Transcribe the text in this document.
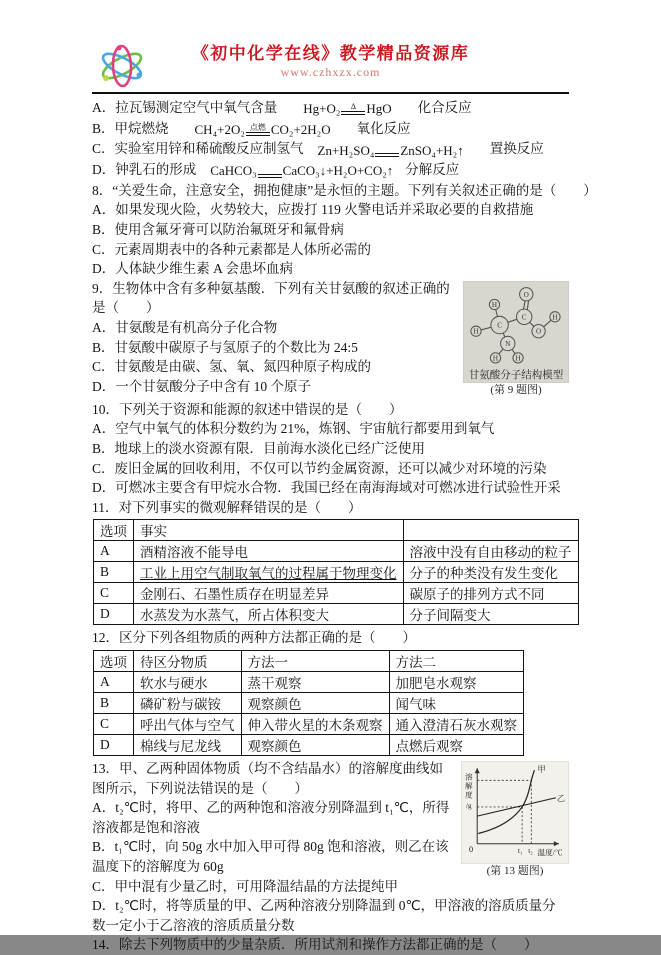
《初中化学在线》教学精品资源库
www.czhxzx.com

A．拉瓦锡测定空气中氧气含量 Hg+O₂	Δ HgO 化合反应

B．甲烷燃烧 CH₄+2O₂ 点燃 CO₂+2H₂O 氧化反应

C．实验室用锌和稀硫酸反应制氢气 Zn+H₂SO₄ ZnSO₄+H₂↑ 置换反应

D．钟乳石的形成 CaHCO₃ CaCO₃↓+H₂O+CO₂↑ 分解反应

8．“关爱生命，注意安全，拥抱健康”是永恒的主题。下列有关叙述正确的是（　　）

A．如果发现火险，火势较大，应拨打 119 火警电话并采取必要的自救措施

B．使用含氟牙膏可以防治氟斑牙和氟骨病

C．元素周期表中的各种元素都是人体所必需的

D．人体缺少维生素 A 会患坏血病

O
H
C	H
O
C
H
N
H H
甘氨酸分子结构模型
(第 9 题图)

9．生物体中含有多种氨基酸．下列有关甘氨酸的叙述正确的是（　　）

A．甘氨酸是有机高分子化合物

B．甘氨酸中碳原子与氢原子的个数比为 24:5

C．甘氨酸是由碳、氢、氧、氮四种原子构成的

D．一个甘氨酸分子中含有 10 个原子

10．下列关于资源和能源的叙述中错误的是（　　）

A．空气中氧气的体积分数约为 21%，炼钢、宇宙航行都要用到氧气

B．地球上的淡水资源有限．目前海水淡化已经广泛使用

C．废旧金属的回收利用，不仅可以节约金属资源，还可以减少对环境的污染

D．可燃冰主要含有甲烷水合物．我国已经在南海海域对可燃冰进行试验性开采

11．对下列事实的微观解释错误的是（　　）

选项	事实	
A	酒精溶液不能导电	溶液中没有自由移动的粒子
B	工业上用空气制取氧气的过程属于物理变化	分子的种类没有发生变化
C	金刚石、石墨性质存在明显差异	碳原子的排列方式不同
D	水蒸发为水蒸气，所占体积变大	分子间隔变大

12．区分下列各组物质的两种方法都正确的是（　　）

选项	待区分物质	方法一	方法二
A	软水与硬水	蒸干观察	加肥皂水观察
B	磷矿粉与碳铵	观察颜色	闻气味
C	呼出气体与空气	伸入带火星的木条观察	通入澄清石灰水观察
D	棉线与尼龙线	观察颜色	点燃后观察
甲
乙
0	t₁ t₂ 温度/℃
溶
解
度
/g
(第 13 题图)

13．甲、乙两种固体物质（均不含结晶水）的溶解度曲线如图所示，下列说法错误的是（　　）

A．t₂℃时，将甲、乙的两种饱和溶液分别降温到 t₁℃，所得溶液都是饱和溶液

B．t₁℃时，向 50g 水中加入甲可得 80g 饱和溶液，则乙在该温度下的溶解度为 60g

C．甲中混有少量乙时，可用降温结晶的方法提纯甲

D．t₂℃时，将等质量的甲、乙两种溶液分别降温到 0℃，甲溶液的溶质质量分数一定小于乙溶液的溶质质量分数

14．除去下列物质中的少量杂质．所用试剂和操作方法都正确的是（　　）
